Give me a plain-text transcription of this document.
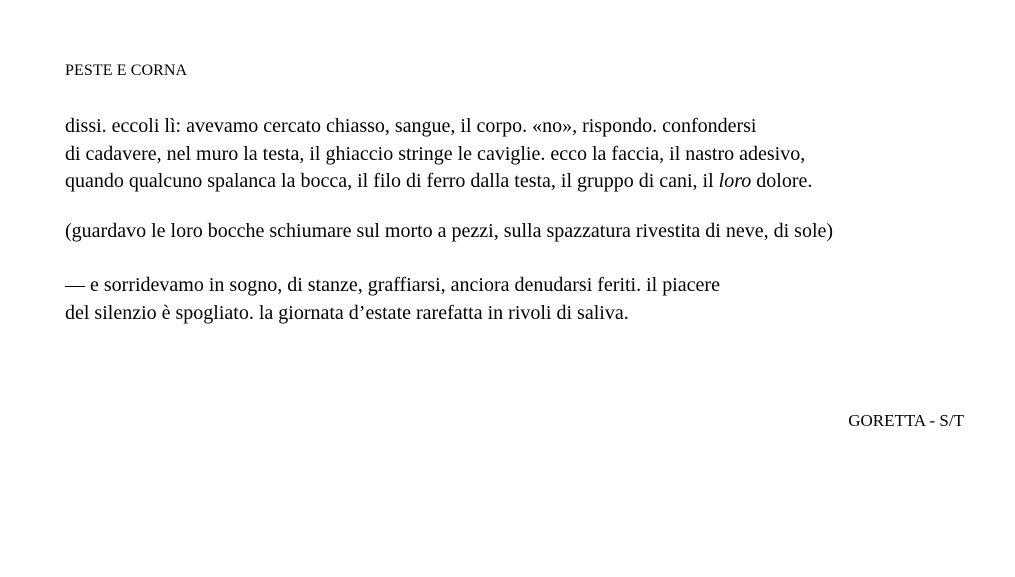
PESTE E CORNA
dissi. eccoli lì: avevamo cercato chiasso, sangue, il corpo. «no», rispondo. confondersi
di cadavere, nel muro la testa, il ghiaccio stringe le caviglie. ecco la faccia, il nastro adesivo,
quando qualcuno spalanca la bocca, il filo di ferro dalla testa, il gruppo di cani, il loro dolore.
(guardavo le loro bocche schiumare sul morto a pezzi, sulla spazzatura rivestita di neve, di sole)
— e sorridevamo in sogno, di stanze, graffiarsi, anciora denudarsi feriti. il piacere
del silenzio è spogliato. la giornata d’estate rarefatta in rivoli di saliva.
GORETTA - S/T
